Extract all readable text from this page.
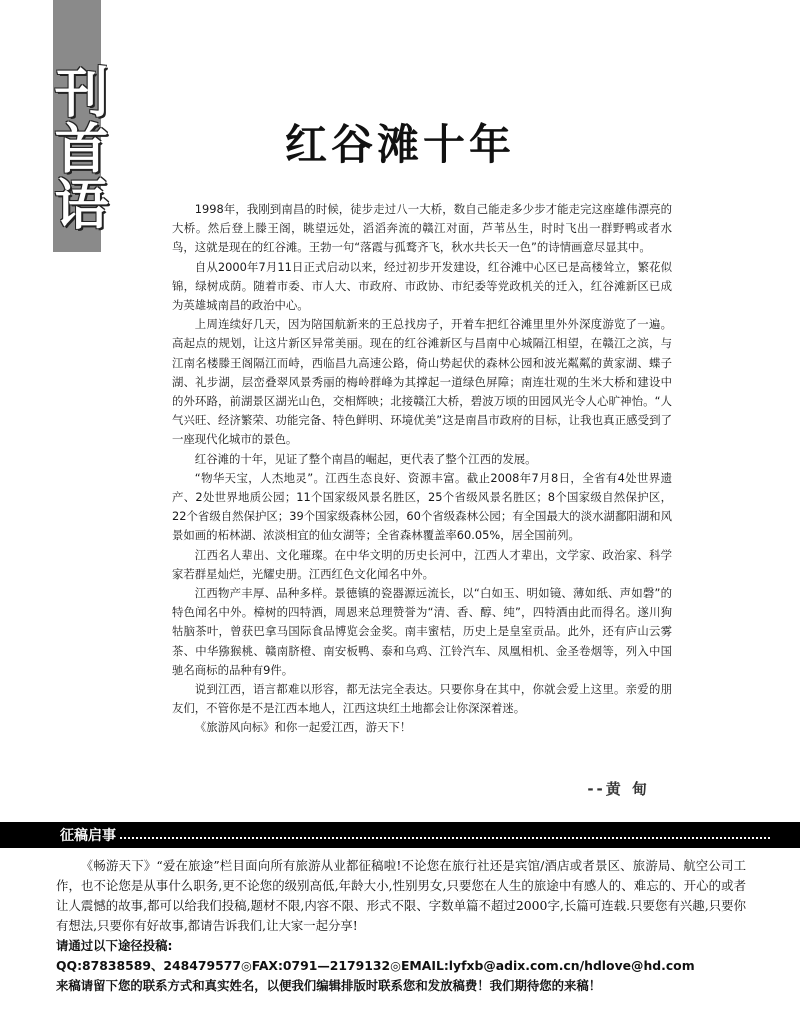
刊首语	红谷滩十年

1998年，我刚到南昌的时候，徒步走过八一大桥，数自己能走多少步才能走完这座雄伟漂亮的大桥。然后登上滕王阁，眺望远处，滔滔奔流的赣江对面，芦苇丛生，时时飞出一群野鸭或者水鸟，这就是现在的红谷滩。王勃一句“落霞与孤鹜齐飞，秋水共长天一色”的诗情画意尽显其中。

自从2000年7月11日正式启动以来，经过初步开发建设，红谷滩中心区已是高楼耸立，繁花似锦，绿树成荫。随着市委、市人大、市政府、市政协、市纪委等党政机关的迁入，红谷滩新区已成为英雄城南昌的政治中心。

上周连续好几天，因为陪国航新来的王总找房子，开着车把红谷滩里里外外深度游览了一遍。高起点的规划，让这片新区异常美丽。现在的红谷滩新区与昌南中心城隔江相望，在赣江之滨，与江南名楼滕王阁隔江而峙，西临昌九高速公路，倚山势起伏的森林公园和波光粼粼的黄家湖、蝶子湖、礼步湖，层峦叠翠风景秀丽的梅岭群峰为其撑起一道绿色屏障；南连壮观的生米大桥和建设中的外环路，前湖景区湖光山色，交相辉映；北接赣江大桥，碧波万顷的田园风光令人心旷神怡。“人气兴旺、经济繁荣、功能完备、特色鲜明、环境优美”这是南昌市政府的目标，让我也真正感受到了一座现代化城市的景色。

红谷滩的十年，见证了整个南昌的崛起，更代表了整个江西的发展。

“物华天宝，人杰地灵”。江西生态良好、资源丰富。截止2008年7月8日，全省有4处世界遗产、2处世界地质公园；11个国家级风景名胜区，25个省级风景名胜区；8个国家级自然保护区，22个省级自然保护区；39个国家级森林公园，60个省级森林公园；有全国最大的淡水湖鄱阳湖和风景如画的柘林湖、浓淡相宜的仙女湖等；全省森林覆盖率60.05%，居全国前列。

江西名人辈出、文化璀璨。在中华文明的历史长河中，江西人才辈出，文学家、政治家、科学家若群星灿烂，光耀史册。江西红色文化闻名中外。

江西物产丰厚、品种多样。景德镇的瓷器源远流长，以“白如玉、明如镜、薄如纸、声如磬”的特色闻名中外。樟树的四特酒，周恩来总理赞誉为“清、香、醇、纯”，四特酒由此而得名。遂川狗牯脑茶叶，曾获巴拿马国际食品博览会金奖。南丰蜜桔，历史上是皇室贡品。此外，还有庐山云雾茶、中华猕猴桃、赣南脐橙、南安板鸭、泰和乌鸡、江铃汽车、凤凰相机、金圣卷烟等，列入中国驰名商标的品种有9件。

说到江西，语言都难以形容，都无法完全表达。只要你身在其中，你就会爱上这里。亲爱的朋友们，不管你是不是江西本地人，江西这块红土地都会让你深深着迷。

《旅游风向标》和你一起爱江西，游天下！

--黄 甸
征稿启事

《畅游天下》“爱在旅途”栏目面向所有旅游从业都征稿啦!不论您在旅行社还是宾馆/酒店或者景区、旅游局、航空公司工作，也不论您是从事什么职务,更不论您的级别高低,年龄大小,性别男女,只要您在人生的旅途中有感人的、难忘的、开心的或者让人震憾的故事,都可以给我们投稿,题材不限,内容不限、形式不限、字数单篇不超过2000字,长篇可连载.只要您有兴趣,只要你有想法,只要你有好故事,都请告诉我们,让大家一起分享!

请通过以下途径投稿:

QQ:87838589、248479577◎FAX:0791—2179132◎EMAIL:lyfxb@adix.com.cn/hdlove@hd.com

来稿请留下您的联系方式和真实姓名，以便我们编辑排版时联系您和发放稿费！我们期待您的来稿！
